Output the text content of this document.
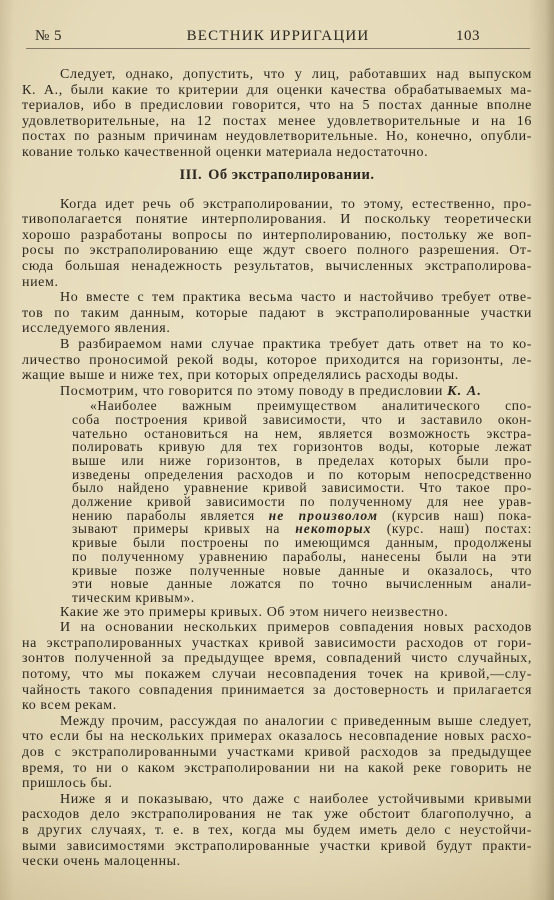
№ 5	ВЕСТНИК ИРРИГАЦИИ	103
Следует, однако, допустить, что у лиц, работавших над выпуском
К. А., были какие то критерии для оценки качества обрабатываемых ма-
териалов, ибо в предисловии говорится, что на 5 постах данные вполне
удовлетворительные, на 12 постах менее удовлетворительные и на 16
постах по разным причинам неудовлетворительные. Но, конечно, опубли-
кование только качественной оценки материала недостаточно.
III. Об экстраполировании.
Когда идет речь об экстраполировании, то этому, естественно, про-
тивополагается понятие интерполирования. И поскольку теоретически
хорошо разработаны вопросы по интерполированию, постольку же воп-
росы по экстраполированию еще ждут своего полного разрешения. От-
сюда большая ненадежность результатов, вычисленных экстраполирова-
нием.
Но вместе с тем практика весьма часто и настойчиво требует отве-
тов по таким данным, которые падают в экстраполированные участки
исследуемого явления.
В разбираемом нами случае практика требует дать ответ на то ко-
личество проносимой рекой воды, которое приходится на горизонты, ле-
жащие выше и ниже тех, при которых определялись расходы воды.
Посмотрим, что говорится по этому поводу в предисловии К. А.
«Наиболее важным преимуществом аналитического спо-
соба построения кривой зависимости, что и заставило окон-
чательно остановиться на нем, является возможность экстра-
полировать кривую для тех горизонтов воды, которые лежат
выше или ниже горизонтов, в пределах которых были про-
изведены определения расходов и по которым непосредственно
было найдено уравнение кривой зависимости. Что такое про-
должение кривой зависимости по полученному для нее урав-
нению параболы является не произволом (курсив наш) пока-
зывают примеры кривых на некоторых (курс. наш) постах:
кривые были построены по имеющимся данным, продолжены
по полученному уравнению параболы, нанесены были на эти
кривые позже полученные новые данные и оказалось, что
эти новые данные ложатся по точно вычисленным анали-
тическим кривым».
Какие же это примеры кривых. Об этом ничего неизвестно.
И на основании нескольких примеров совпадения новых расходов
на экстраполированных участках кривой зависимости расходов от гори-
зонтов полученной за предыдущее время, совпадений чисто случайных,
потому, что мы покажем случаи несовпадения точек на кривой,—слу-
чайность такого совпадения принимается за достоверность и прилагается
ко всем рекам.
Между прочим, рассуждая по аналогии с приведенным выше следует,
что если бы на нескольких примерах оказалось несовпадение новых расхо-
дов с экстраполированными участками кривой расходов за предыдущее
время, то ни о каком экстраполировании ни на какой реке говорить не
пришлось бы.
Ниже я и показываю, что даже с наиболее устойчивыми кривыми
расходов дело экстраполирования не так уже обстоит благополучно, а
в других случаях, т. е. в тех, когда мы будем иметь дело с неустойчи-
выми зависимостями экстраполированные участки кривой будут практи-
чески очень малоценны.
